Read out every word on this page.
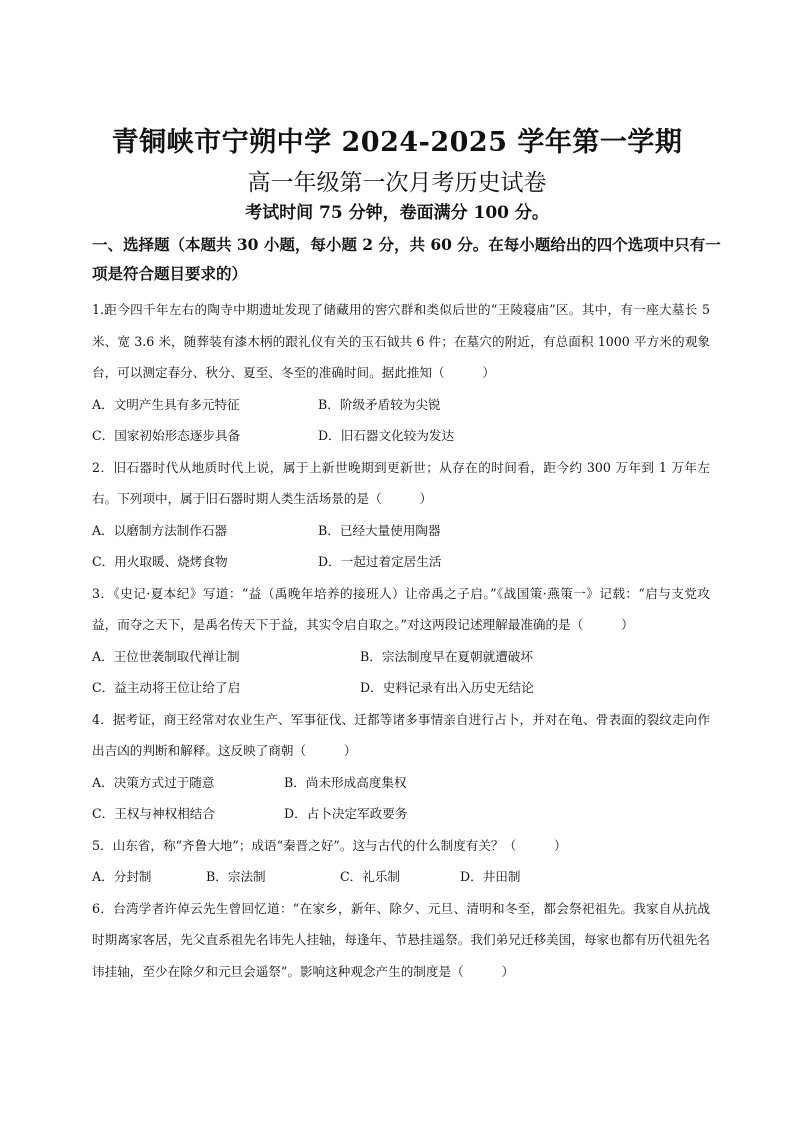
青铜峡市宁朔中学 2024-2025 学年第一学期
高一年级第一次月考历史试卷
考试时间 75 分钟，卷面满分 100 分。
一、选择题（本题共 30 小题，每小题 2 分，共 60 分。在每小题给出的四个选项中只有一项是符合题目要求的）

1.距今四千年左右的陶寺中期遗址发现了储藏用的窖穴群和类似后世的“王陵寝庙”区。其中，有一座大墓长 5 米、宽 3.6 米，随葬装有漆木柄的跟礼仪有关的玉石钺共 6 件；在墓穴的附近，有总面积 1000 平方米的观象台，可以测定春分、秋分、夏至、冬至的准确时间。据此推知（　　　）

A．文明产生具有多元特征	B．阶级矛盾较为尖锐
C．国家初始形态逐步具备	D．旧石器文化较为发达

2．旧石器时代从地质时代上说，属于上新世晚期到更新世；从存在的时间看，距今约 300 万年到 1 万年左右。下列项中，属于旧石器时期人类生活场景的是（　　　）

A．以磨制方法制作石器	B．已经大量使用陶器
C．用火取暖、烧烤食物	D．一起过着定居生活

3．《史记·夏本纪》写道：“益（禹晚年培养的接班人）让帝禹之子启。”《战国策·燕策一》记载：“启与支党攻益，而夺之天下，是禹名传天下于益，其实令启自取之。”对这两段记述理解最准确的是（　　　）

A．王位世袭制取代禅让制	B．宗法制度早在夏朝就遭破坏
C．益主动将王位让给了启	D．史料记录有出入历史无结论

4．据考证，商王经常对农业生产、军事征伐、迁都等诸多事情亲自进行占卜，并对在龟、骨表面的裂纹走向作出吉凶的判断和解释。这反映了商朝（　　　）

A．决策方式过于随意	B．尚未形成高度集权
C．王权与神权相结合	D．占卜决定军政要务

5．山东省，称“齐鲁大地”；成语“秦晋之好”。这与古代的什么制度有关？（　　　）

A．分封制	B．宗法制	C．礼乐制	D．井田制

6．台湾学者许倬云先生曾回忆道：“在家乡，新年、除夕、元旦、清明和冬至，都会祭祀祖先。我家自从抗战时期离家客居，先父直系祖先名讳先人挂轴，每逢年、节悬挂遥祭。我们弟兄迁移美国，每家也都有历代祖先名讳挂轴，至少在除夕和元旦会遥祭”。影响这种观念产生的制度是（　　　）
